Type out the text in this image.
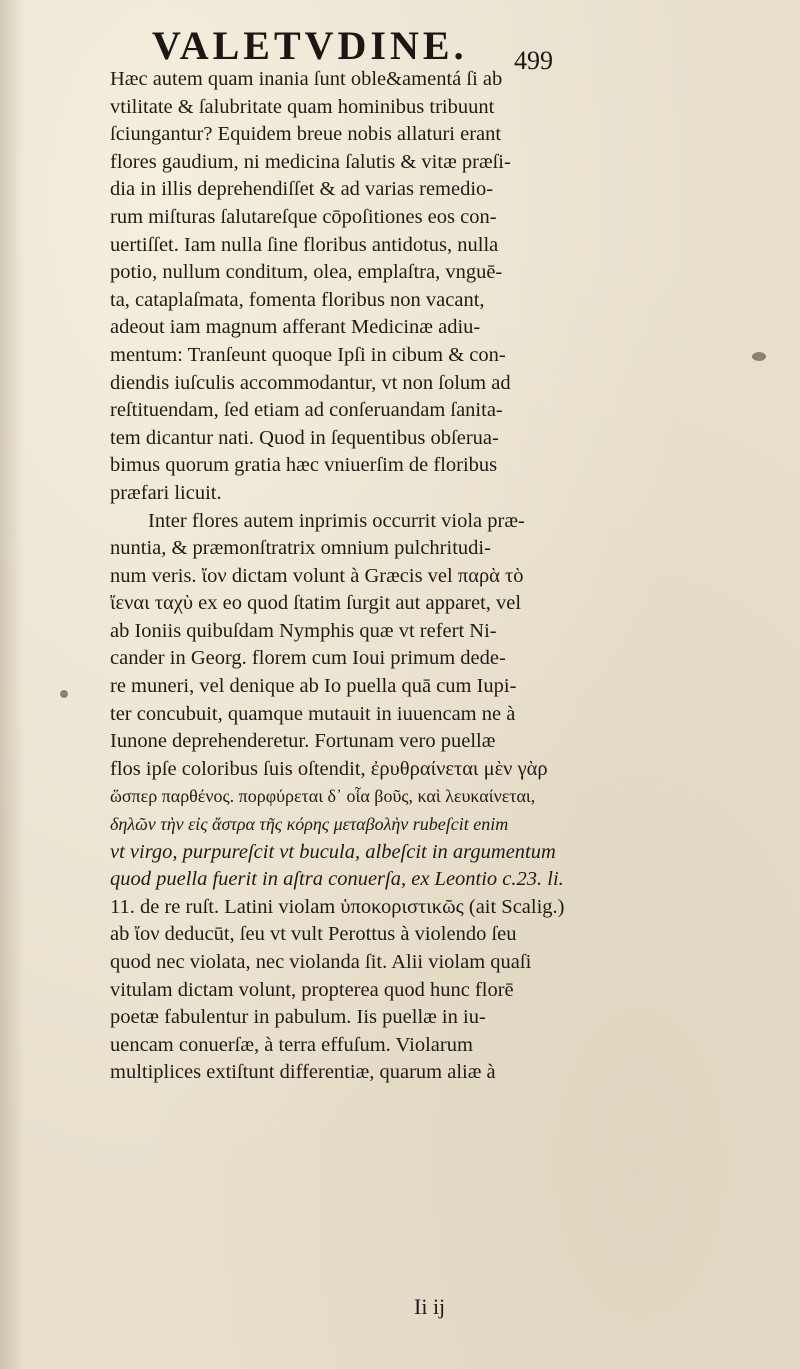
VALETVDINE. 499
Hæc autem quam inania ſunt oble&amentá ſi ab
vtilitate & ſalubritate quam hominibus tribuunt
ſciungantur? Equidem breue nobis allaturi erant
flores gaudium, ni medicina ſalutis & vitæ præſi-
dia in illis deprehendiſſet & ad varias remedio-
rum miſturas ſalutareſque cōpoſitiones eos con-
uertiſſet. Iam nulla ſine floribus antidotus, nulla
potio, nullum conditum, olea, emplaſtra, vnguē-
ta, cataplaſmata, fomenta floribus non vacant,
adeout iam magnum afferant Medicinæ adiu-
mentum: Tranſeunt quoque Ipſi in cibum & con-
diendis iuſculis accommodantur, vt non ſolum ad
reſtituendam, ſed etiam ad conſeruandam ſanita-
tem dicantur nati. Quod in ſequentibus obſerua-
bimus quorum gratia hæc vniuerſim de floribus
præfari licuit.
Inter flores autem inprimis occurrit viola præ-
nuntia, & præmonſtratrix omnium pulchritudi-
num veris. ἴον dictam volunt à Græcis vel παρὰ τὸ
ἴεναι ταχὺ ex eo quod ſtatim ſurgit aut apparet, vel
ab Ioniis quibuſdam Nymphis quæ vt refert Ni-
cander in Georg. florem cum Ioui primum dede-
re muneri, vel denique ab Io puella quā cum Iupi-
ter concubuit, quamque mutauit in iuuencam ne à
Iunone deprehenderetur. Fortunam vero puellæ
flos ipſe coloribus ſuis oſtendit, ἐρυθραίνεται μὲν γὰρ
ὥσπερ παρθένος. πορφύρεται δ᾽ οἷα βοῦς, καὶ λευκαίνεται,
δηλῶν τὴν εἰς ἄστρα τῆς κόρης μεταβολὴν rubeſcit enim
vt virgo, purpureſcit vt bucula, albeſcit in argumentum
quod puella fuerit in aſtra conuerſa, ex Leontio c.23. li.
11. de re ruſt. Latini violam ὑποκοριστικῶς (ait Scalig.)
ab ἴον deducūt, ſeu vt vult Perottus à violendo ſeu
quod nec violata, nec violanda ſit. Alii violam quaſi
vitulam dictam volunt, propterea quod hunc florē
poetæ fabulentur in pabulum. Iis puellæ in iu-
uencam conuerſæ, à terra effuſum. Violarum
multiplices extiſtunt differentiæ, quarum aliæ à
Ii ij
